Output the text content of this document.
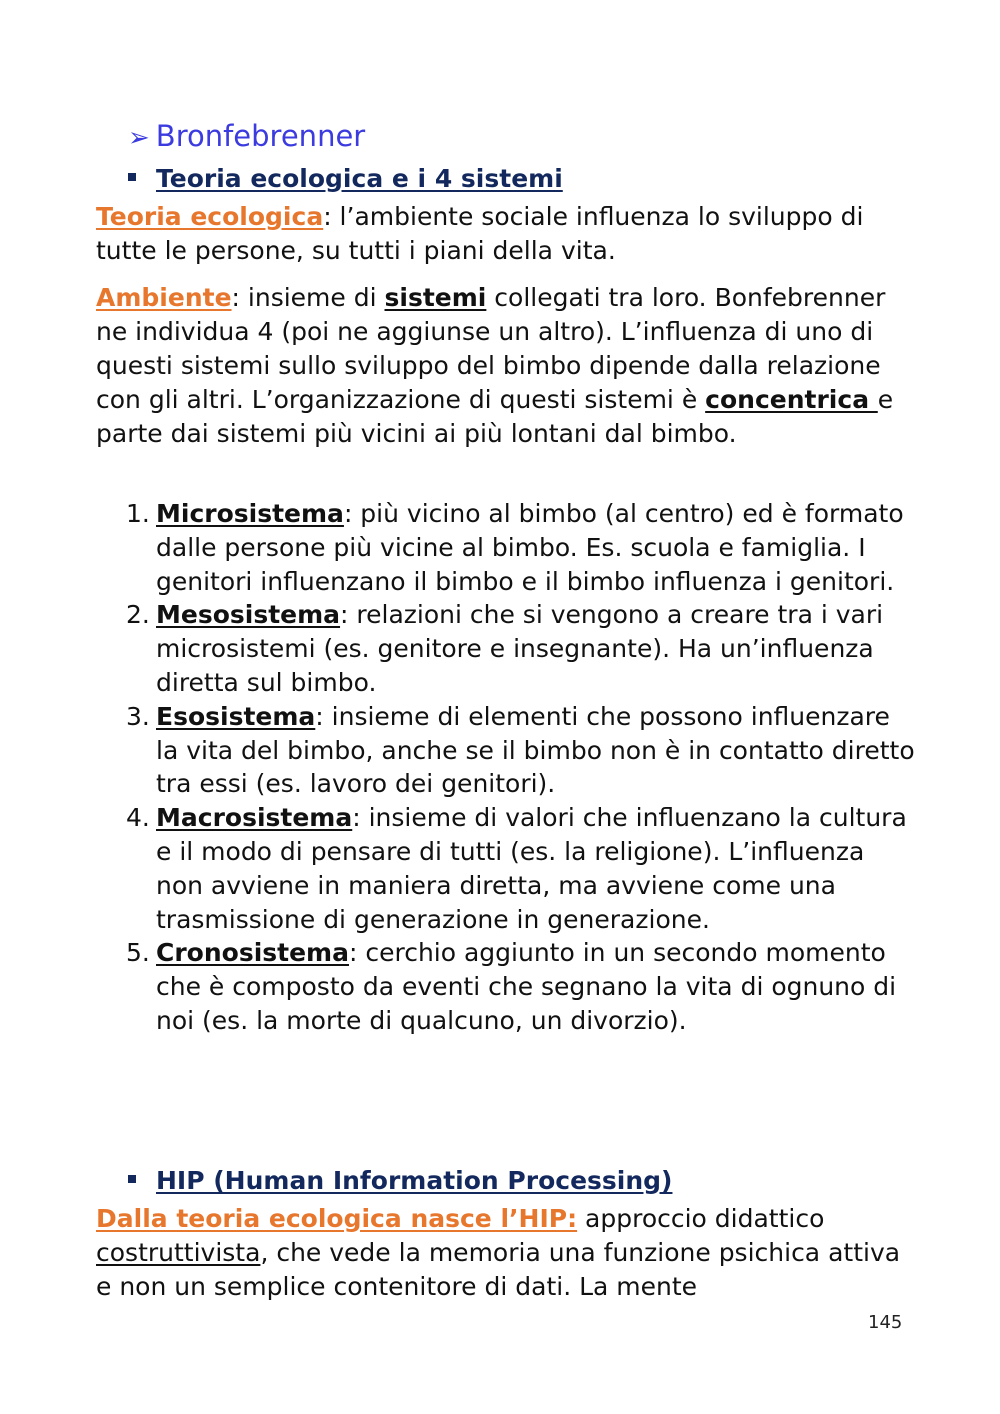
➢ Bronfebrenner
Teoria ecologica e i 4 sistemi

Teoria ecologica: l’ambiente sociale influenza lo sviluppo di tutte le persone, su tutti i piani della vita.

Ambiente: insieme di sistemi collegati tra loro. Bonfebrenner ne individua 4 (poi ne aggiunse un altro). L’influenza di uno di questi sistemi sullo sviluppo del bimbo dipende dalla relazione con gli altri. L’organizzazione di questi sistemi è concentrica e parte dai sistemi più vicini ai più lontani dal bimbo.

1. Microsistema: più vicino al bimbo (al centro) ed è formato dalle persone più vicine al bimbo. Es. scuola e famiglia. I genitori influenzano il bimbo e il bimbo influenza i genitori.
2. Mesosistema: relazioni che si vengono a creare tra i vari microsistemi (es. genitore e insegnante). Ha un’influenza diretta sul bimbo.
3. Esosistema: insieme di elementi che possono influenzare la vita del bimbo, anche se il bimbo non è in contatto diretto tra essi (es. lavoro dei genitori).
4. Macrosistema: insieme di valori che influenzano la cultura e il modo di pensare di tutti (es. la religione). L’influenza non avviene in maniera diretta, ma avviene come una trasmissione di generazione in generazione.
5. Cronosistema: cerchio aggiunto in un secondo momento che è composto da eventi che segnano la vita di ognuno di noi (es. la morte di qualcuno, un divorzio).
HIP (Human Information Processing)

Dalla teoria ecologica nasce l’HIP: approccio didattico costruttivista, che vede la memoria una funzione psichica attiva e non un semplice contenitore di dati. La mente

145
